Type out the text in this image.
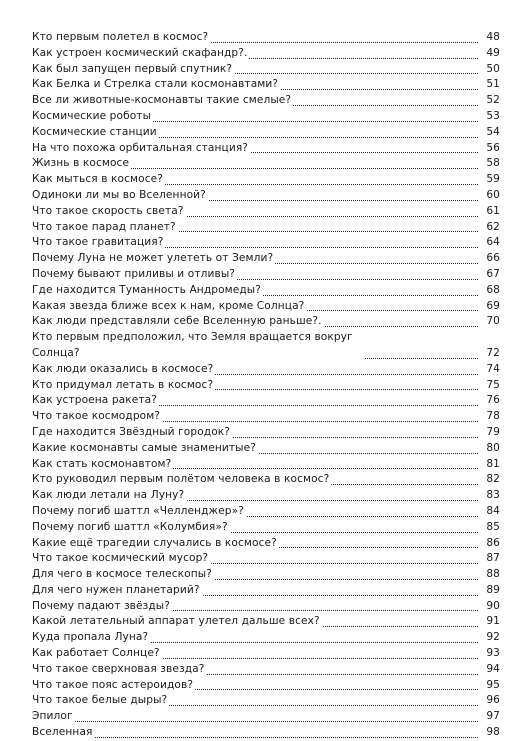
Кто первым полетел в космос?	48
Как устроен космический скафандр?.	49
Как был запущен первый спутник?	50
Как Белка и Стрелка стали космонавтами?	51
Все ли животные-космонавты такие смелые?	52
Космические роботы	53
Космические станции	54
На что похожа орбитальная станция?	56
Жизнь в космосе	58
Как мыться в космосе?	59
Одиноки ли мы во Вселенной?	60
Что такое скорость света?	61
Что такое парад планет?	62
Что такое гравитация?	64
Почему Луна не может улететь от Земли?	66
Почему бывают приливы и отливы?	67
Где находится Туманность Андромеды?	68
Какая звезда ближе всех к нам, кроме Солнца?	69
Как люди представляли себе Вселенную раньше?.	70
Кто первым предположил, что Земля вращается вокруг Солнца?	72
Как люди оказались в космосе?	74
Кто придумал летать в космос?	75
Как устроена ракета?	76
Что такое космодром?	78
Где находится Звёздный городок?	79
Какие космонавты самые знаменитые?	80
Как стать космонавтом?	81
Кто руководил первым полётом человека в космос?	82
Как люди летали на Луну?	83
Почему погиб шаттл «Челленджер»?	84
Почему погиб шаттл «Колумбия»?	85
Какие ещё трагедии случались в космосе?	86
Что такое космический мусор?	87
Для чего в космосе телескопы?	88
Для чего нужен планетарий?	89
Почему падают звёзды?	90
Какой летательный аппарат улетел дальше всех?	91
Куда пропала Луна?	92
Как работает Солнце?	93
Что такое сверхновая звезда?	94
Что такое пояс астероидов?	95
Что такое белые дыры?	96
Эпилог	97
Вселенная	98
